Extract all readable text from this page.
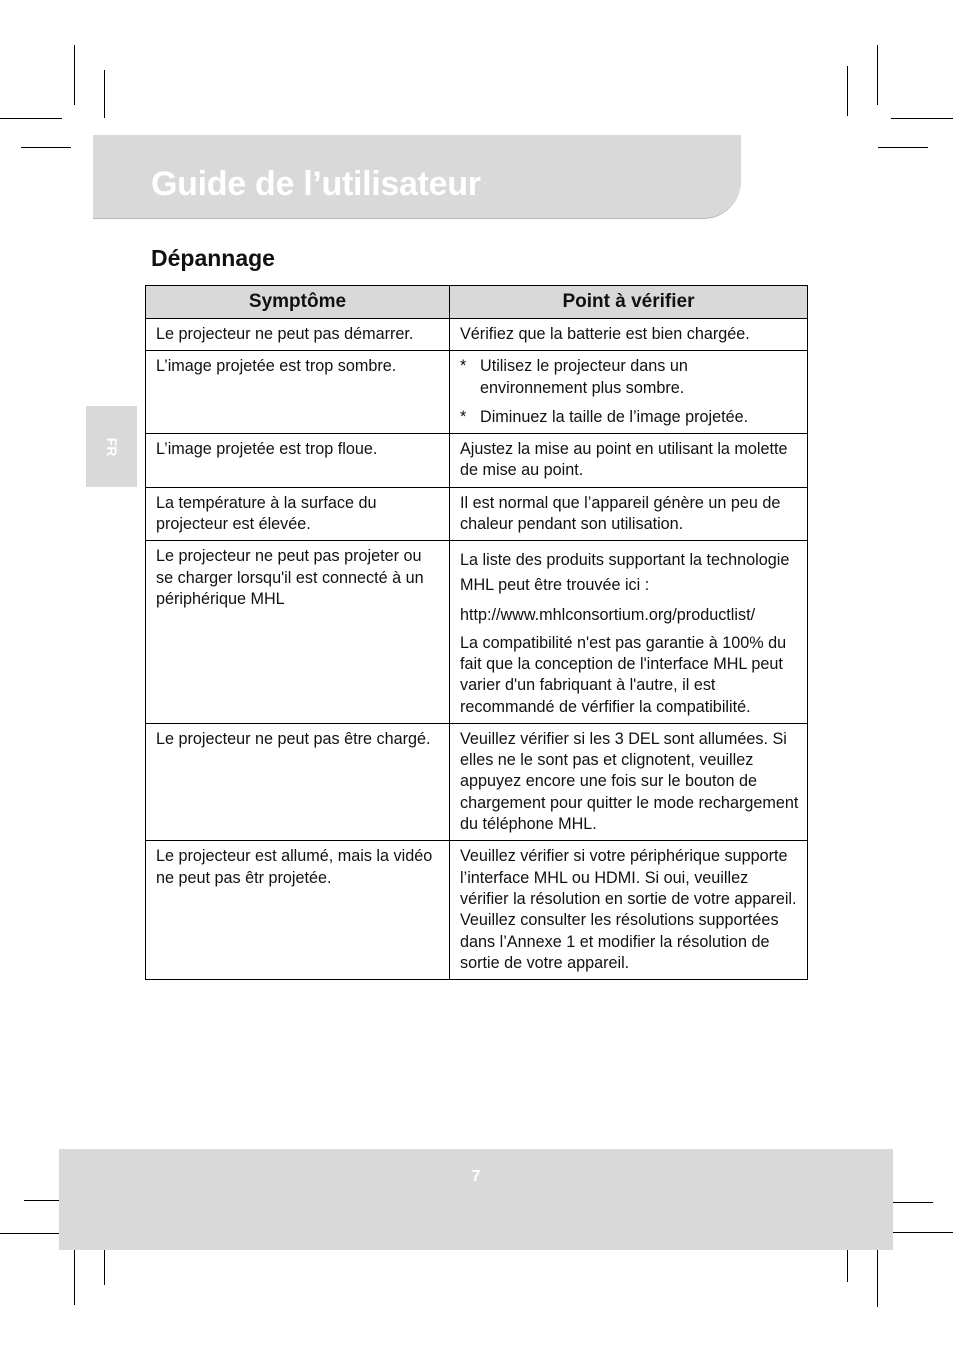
Guide de l’utilisateur
FR
Dépannage
Symptôme	Point à vérifier
Le projecteur ne peut pas démarrer.	Vérifiez que la batterie est bien chargée.
L’image projetée est trop sombre.	* Utilisez le projecteur dans un environnement plus sombre.
* Diminuez la taille de l’image projetée.

L’image projetée est trop floue.	Ajustez la mise au point en utilisant la molette de mise au point.
La température à la surface du projecteur est élevée.	Il est normal que l’appareil génère un peu de chaleur pendant son utilisation.
Le projecteur ne peut pas projeter ou se charger lorsqu'il est connecté à un périphérique MHL	La liste des produits supportant la technologie MHL peut être trouvée ici :
http://www.mhlconsortium.org/productlist/
La compatibilité n'est pas garantie à 100% du fait que la conception de l'interface MHL peut varier d'un fabriquant à l'autre, il est recommandé de vérfifier la compatibilité.

Le projecteur ne peut pas être chargé.	Veuillez vérifier si les 3 DEL sont allumées. Si elles ne le sont pas et clignotent, veuillez appuyez encore une fois sur le bouton de chargement pour quitter le mode rechargement du téléphone MHL.
Le projecteur est allumé, mais la vidéo ne peut pas êtr projetée.	Veuillez vérifier si votre périphérique supporte l’interface MHL ou HDMI. Si oui, veuillez vérifier la résolution en sortie de votre appareil. Veuillez consulter les résolutions supportées dans l’Annexe 1 et modifier la résolution de sortie de votre appareil.
7
